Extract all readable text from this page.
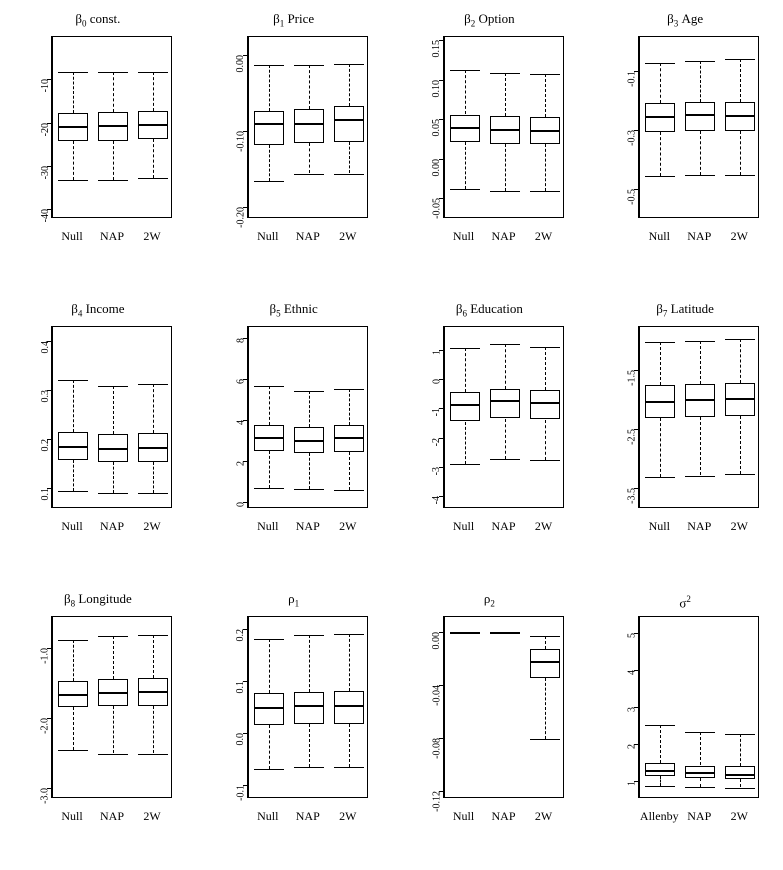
$\beta_0$ const.
-40
-30
-20
-10
Null NAP 2W
$\beta_1$ Price
-0.20
-0.10
0.00
Null NAP 2W
$\beta_2$ Option
-0.05
0.00
0.05
0.10
0.15
Null NAP 2W
$\beta_3$ Age
-0.5
-0.3
-0.1
Null NAP 2W
$\beta_4$ Income
0.1
0.2
0.3
0.4
Null NAP 2W
$\beta_5$ Ethnic
0
2
4
6
8
Null NAP 2W
$\beta_6$ Education
-4
-3
-2
-1
0
1
Null NAP 2W
$\beta_7$ Latitude
-3.5
-2.5
-1.5
Null NAP 2W
$\beta_8$ Longitude
-3.0
-2.0
-1.0
Null NAP 2W
$\rho_1$
-0.1
0.0
0.1
0.2
Null NAP 2W
$\rho_2$
-0.12
-0.08
-0.04
0.00
Null NAP 2W
$\sigma^2$
1
2
3
4
5
Allenby NAP 2W
